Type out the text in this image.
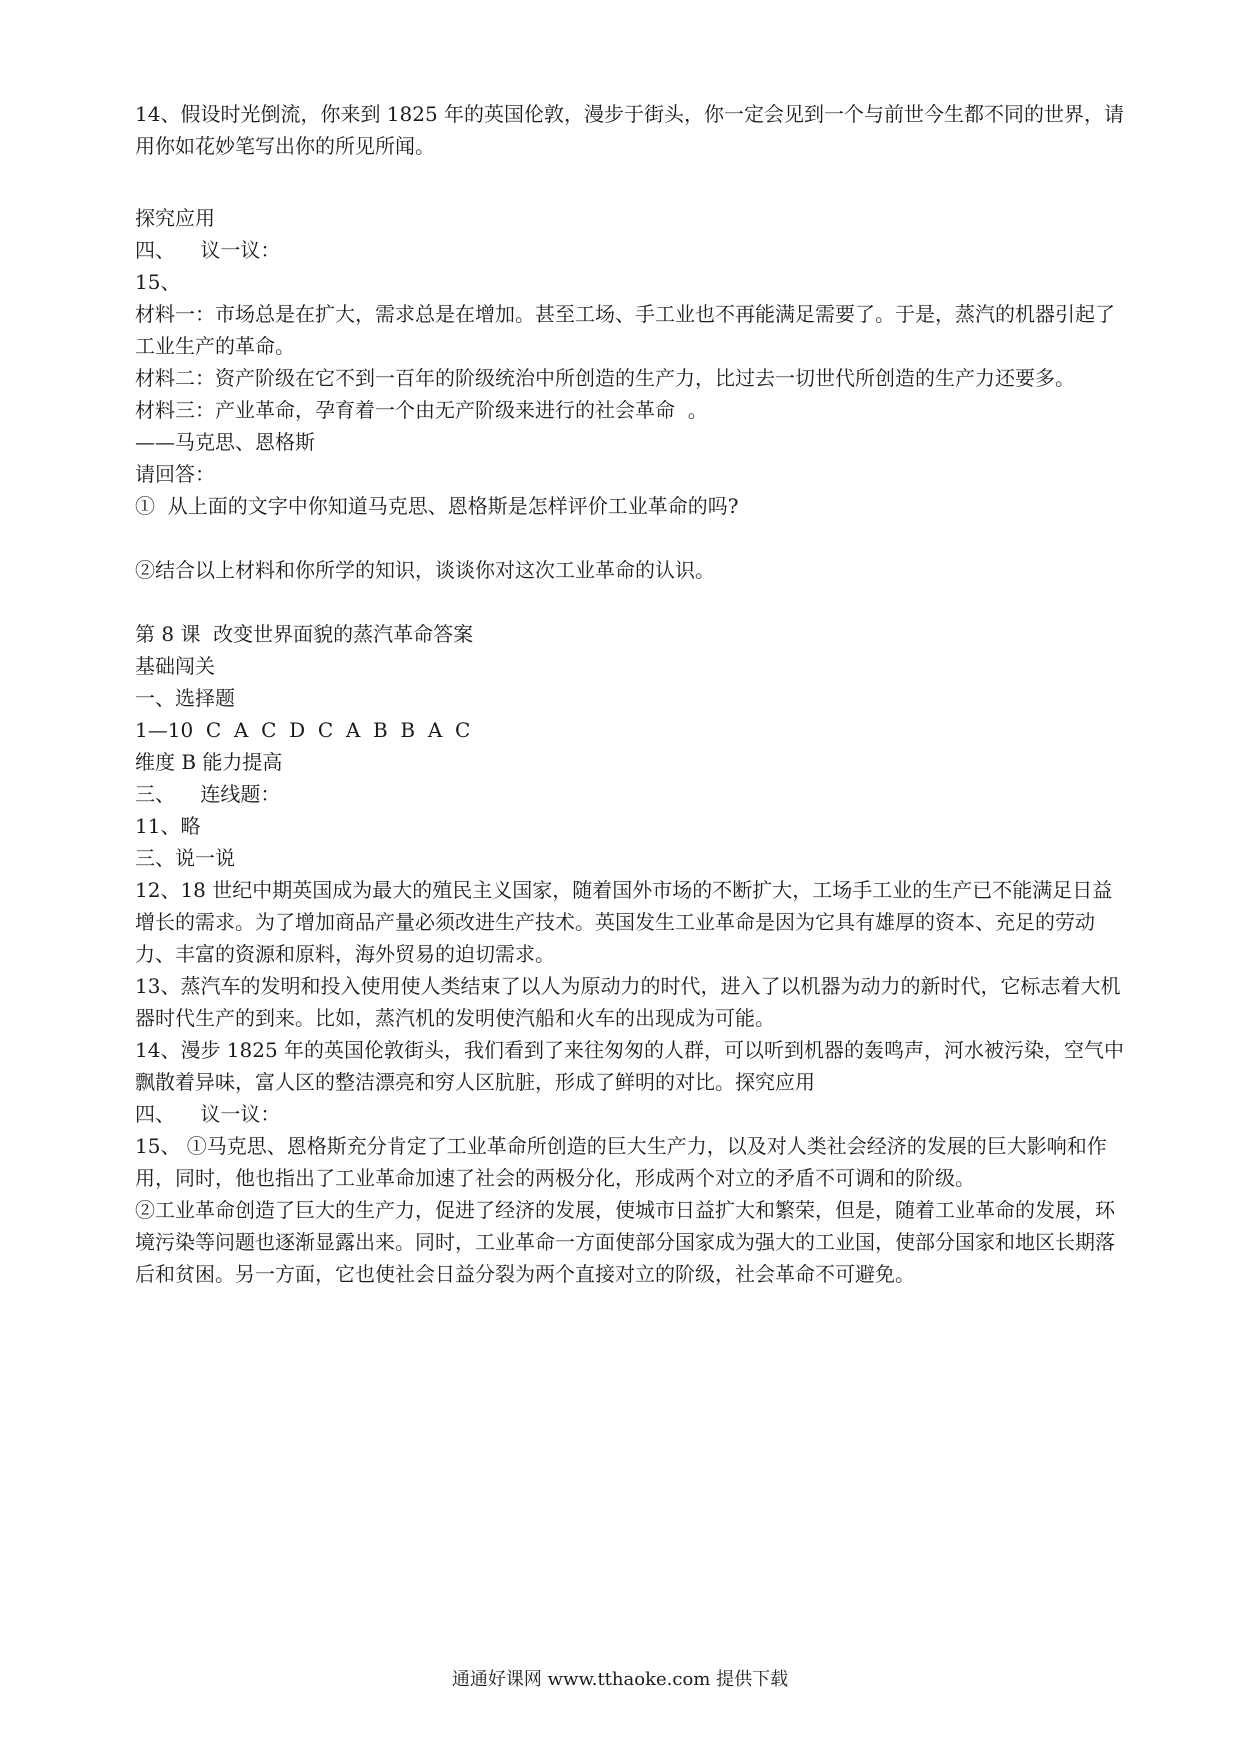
14、假设时光倒流，你来到 1825 年的英国伦敦，漫步于街头，你一定会见到一个与前世今生都不同的世界，请用你如花妙笔写出你的所见所闻。

探究应用

四、    议一议：

15、

材料一：市场总是在扩大，需求总是在增加。甚至工场、手工业也不再能满足需要了。于是，蒸汽的机器引起了工业生产的革命。

材料二：资产阶级在它不到一百年的阶级统治中所创造的生产力，比过去一切世代所创造的生产力还要多。

材料三：产业革命，孕育着一个由无产阶级来进行的社会革命  。

——马克思、恩格斯

请回答：

①  从上面的文字中你知道马克思、恩格斯是怎样评价工业革命的吗?

②结合以上材料和你所学的知识，谈谈你对这次工业革命的认识。

第 8 课  改变世界面貌的蒸汽革命答案

基础闯关

一、选择题

1—10  C  A  C  D  C  A  B  B  A  C

维度 B 能力提高

三、    连线题：

11、略

三、说一说

12、18 世纪中期英国成为最大的殖民主义国家，随着国外市场的不断扩大，工场手工业的生产已不能满足日益增长的需求。为了增加商品产量必须改进生产技术。英国发生工业革命是因为它具有雄厚的资本、充足的劳动力、丰富的资源和原料，海外贸易的迫切需求。

13、蒸汽车的发明和投入使用使人类结束了以人为原动力的时代，进入了以机器为动力的新时代，它标志着大机器时代生产的到来。比如，蒸汽机的发明使汽船和火车的出现成为可能。

14、漫步 1825 年的英国伦敦街头，我们看到了来往匆匆的人群，可以听到机器的轰鸣声，河水被污染，空气中飘散着异味，富人区的整洁漂亮和穷人区肮脏，形成了鲜明的对比。探究应用

四、    议一议：

15、 ①马克思、恩格斯充分肯定了工业革命所创造的巨大生产力，以及对人类社会经济的发展的巨大影响和作用，同时，他也指出了工业革命加速了社会的两极分化，形成两个对立的矛盾不可调和的阶级。

②工业革命创造了巨大的生产力，促进了经济的发展，使城市日益扩大和繁荣，但是，随着工业革命的发展，环境污染等问题也逐渐显露出来。同时，工业革命一方面使部分国家成为强大的工业国，使部分国家和地区长期落后和贫困。另一方面，它也使社会日益分裂为两个直接对立的阶级，社会革命不可避免。

通通好课网 www.tthaoke.com 提供下载
